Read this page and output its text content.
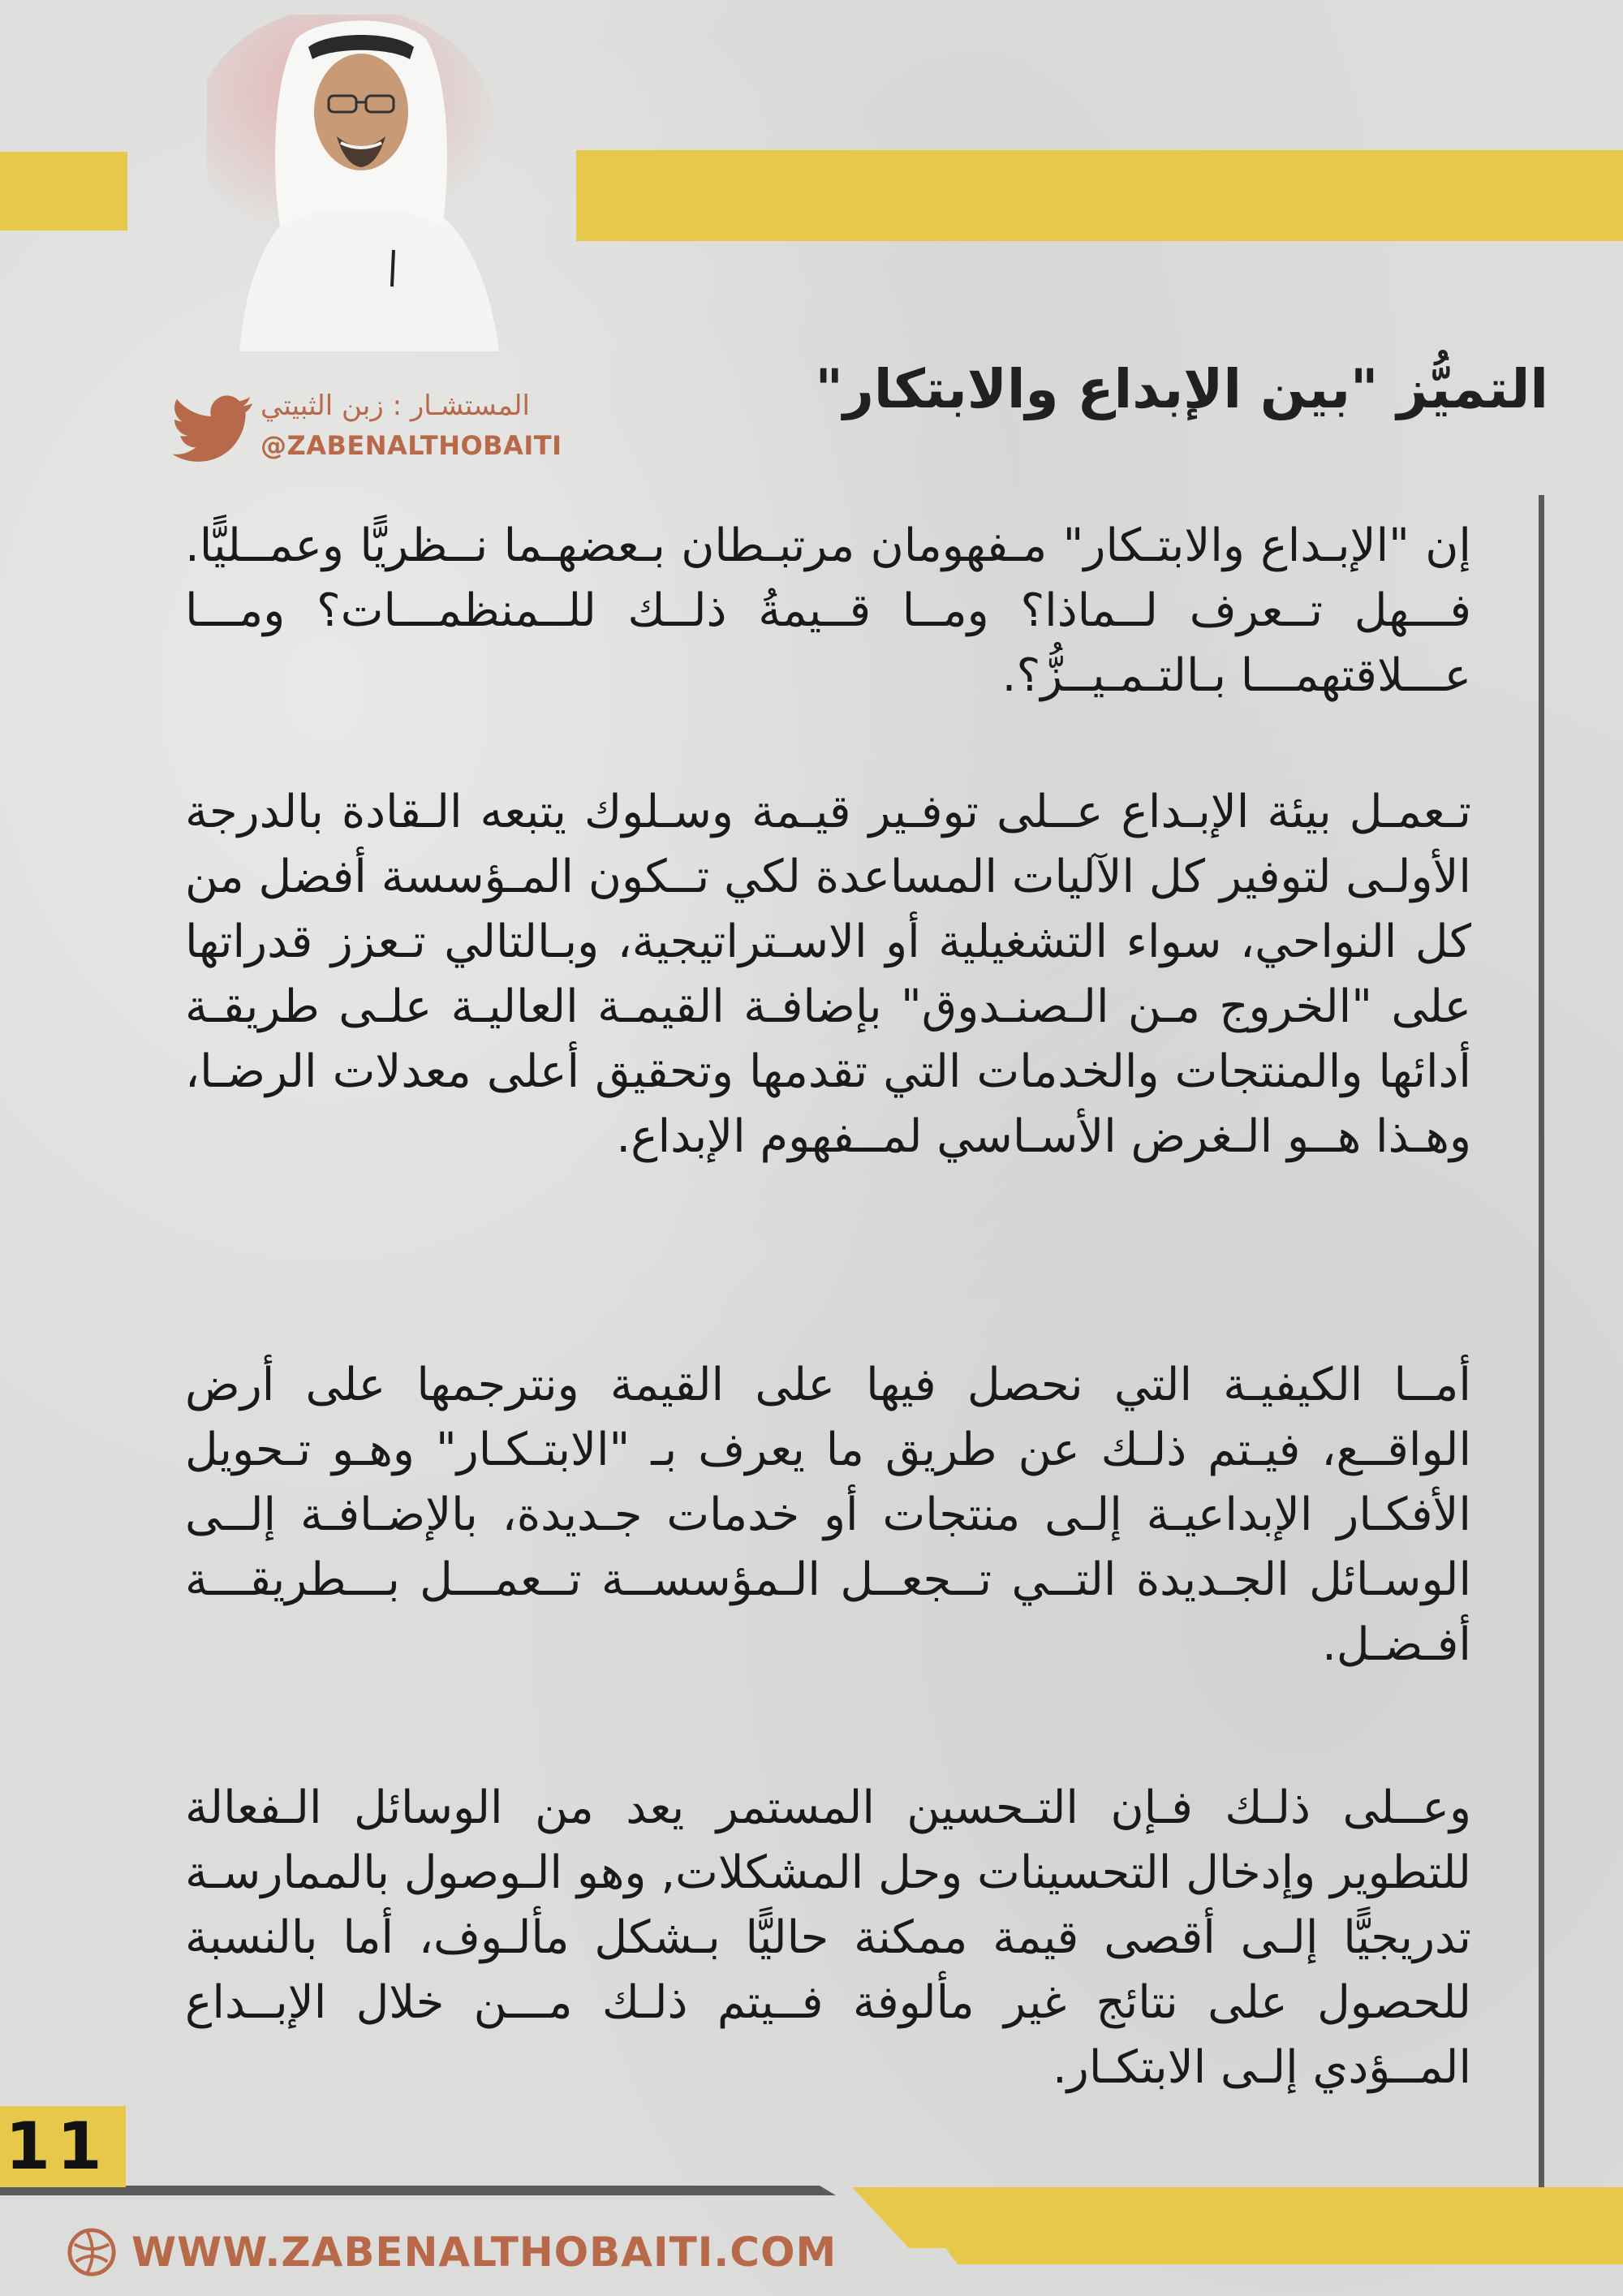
التميُّز "بين الإبداع والابتكار"
المستشـار : زبن الثبيتي
@ZABENALTHOBAITI

إن "الإبـداع والابتـكار" مـفهومان مرتبـطان بـعضهـما نــظريًّا وعمــليًّا. فـــهل تــعرف لــماذا؟ ومــا قــيمةُ ذلــك للــمنظمـــات؟ ومـــا عـــلاقتهمـــا بـالتـمـيــزُّ؟.

تـعمـل بيئة الإبـداع عــلى توفـير قيـمة وسـلوك يتبعه الـقادة بالدرجة الأولـى لتوفير كل الآليات المساعدة لكي تــكون المـؤسسة أفضل من كل النواحي، سواء التشغيلية أو الاسـتراتيجية، وبـالتالي تـعزز قدراتها على "الخروج مـن الـصنـدوق" بإضافـة القيمـة العاليـة علـى طريقـة أدائها والمنتجات والخدمات التي تقدمها وتحقيق أعلى معدلات الرضـا، وهـذا هــو الـغرض الأسـاسي لمــفهوم الإبداع.

أمــا الكيفيـة التي نحصل فيها على القيمة ونترجمها على أرض الواقــع، فيـتم ذلـك عن طريق ما يعرف بـ "الابتـكـار" وهـو تـحويل الأفكـار الإبداعيـة إلـى منتجات أو خدمات جـديدة، بالإضـافـة إلــى الوسـائل الجـديدة التــي تــجعــل الـمؤسســة تــعمـــل بـــطريقـــة أفـضـل.

وعــلى ذلـك فـإن التـحسين المستمر يعد من الوسائل الـفعالة للتطوير وإدخال التحسينات وحل المشكلات, وهو الـوصول بالممارسـة تدريجيًّا إلـى أقصى قيمة ممكنة حاليًّا بـشكل مألـوف، أما بالنسبة للحصول على نتائج غير مألوفة فــيتم ذلـك مـــن خلال الإبــداع المــؤدي إلـى الابتكـار.

11
WWW.ZABENALTHOBAITI.COM
